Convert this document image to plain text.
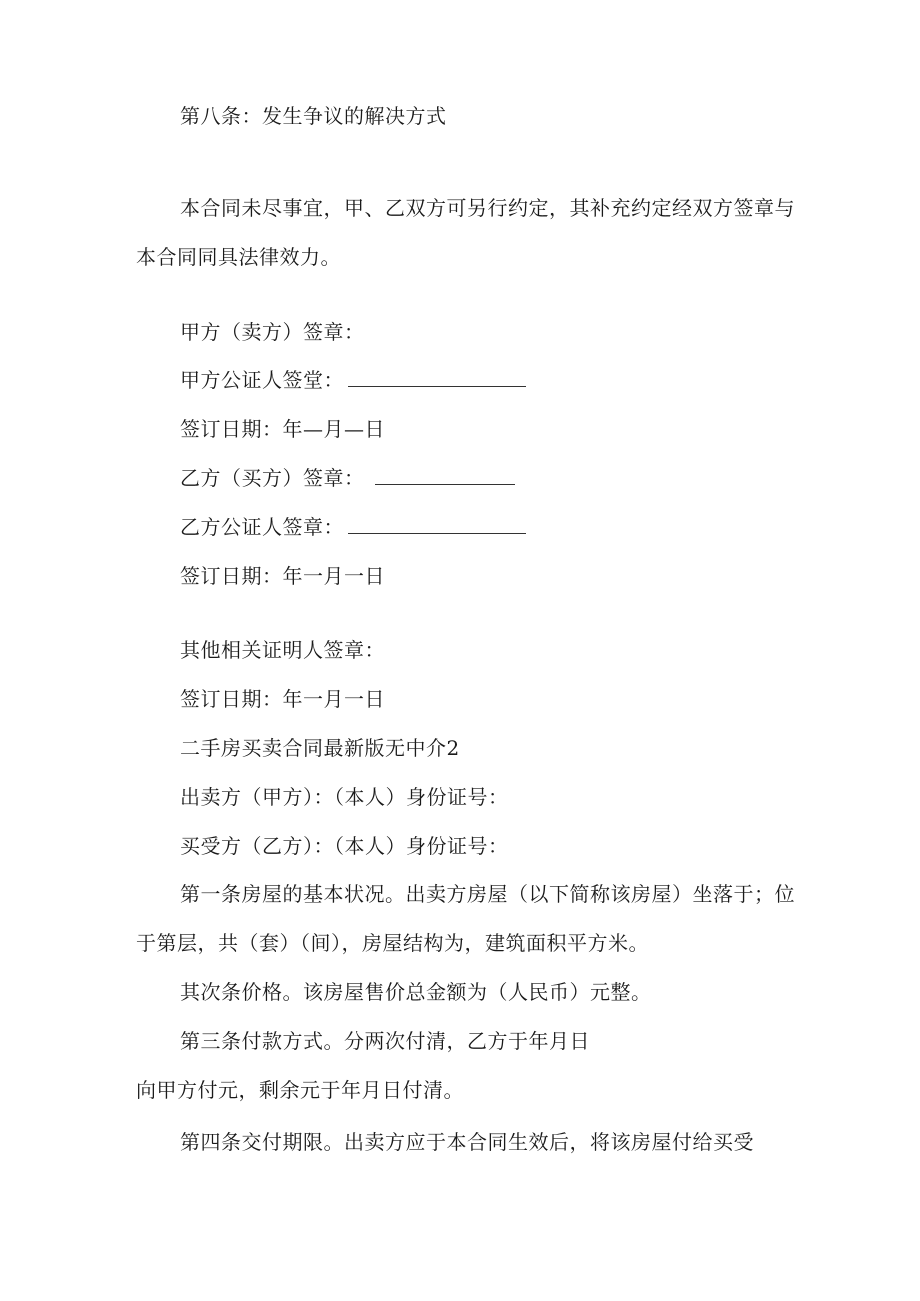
第八条：发生争议的解决方式
本合同未尽事宜，甲、乙双方可另行约定，其补充约定经双方签章与
本合同同具法律效力。
甲方（卖方）签章：
甲方公证人签堂：
签订日期：年—月—日
乙方（买方）签章：
乙方公证人签章：
签订日期：年一月一日
其他相关证明人签章：
签订日期：年一月一日
二手房买卖合同最新版无中介2
出卖方（甲方）：（本人）身份证号：
买受方（乙方）：（本人）身份证号：
第一条房屋的基本状况。出卖方房屋（以下简称该房屋）坐落于；位
于第层，共（套）（间），房屋结构为，建筑面积平方米。
其次条价格。该房屋售价总金额为（人民币）元整。
第三条付款方式。分两次付清，乙方于年月日
向甲方付元，剩余元于年月日付清。
第四条交付期限。出卖方应于本合同生效后，将该房屋付给买受
